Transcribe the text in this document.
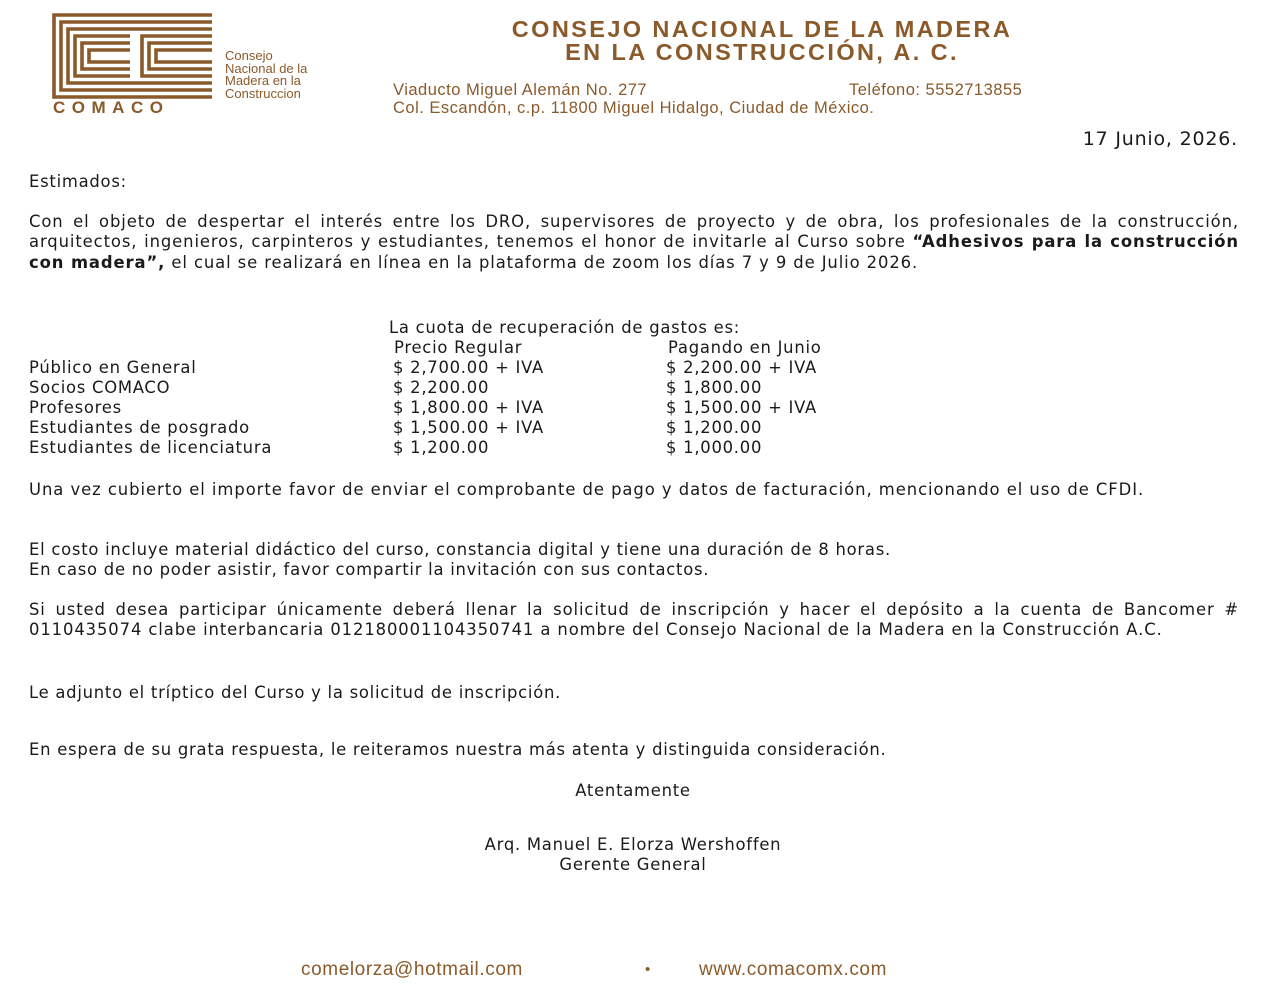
Consejo
Nacional de la
Madera en la
Construccion
COMACO
CONSEJO NACIONAL DE LA MADERA
EN LA CONSTRUCCIÓN, A. C.
Viaducto Miguel Alemán No. 277	Teléfono: 5552713855
Col. Escandón, c.p. 11800 Miguel Hidalgo, Ciudad de México.
17 Junio, 2026.
Estimados:
Con el objeto de despertar el interés entre los DRO, supervisores de proyecto y de obra, los profesionales de la construcción, arquitectos, ingenieros, carpinteros y estudiantes, tenemos el honor de invitarle al Curso sobre “Adhesivos para la construcción con madera”, el cual se realizará en línea en la plataforma de zoom los días 7 y 9 de Julio 2026.
La cuota de recuperación de gastos es:
Precio Regular	Pagando en Junio
Público en General	$ 2,700.00 + IVA	$ 2,200.00 + IVA
Socios COMACO	$ 2,200.00	$ 1,800.00
Profesores	$ 1,800.00 + IVA	$ 1,500.00 + IVA
Estudiantes de posgrado	$ 1,500.00 + IVA	$ 1,200.00
Estudiantes de licenciatura	$ 1,200.00	$ 1,000.00
Una vez cubierto el importe favor de enviar el comprobante de pago y datos de facturación, mencionando el uso de CFDI.
El costo incluye material didáctico del curso, constancia digital y tiene una duración de 8 horas.
En caso de no poder asistir, favor compartir la invitación con sus contactos.
Si usted desea participar únicamente deberá llenar la solicitud de inscripción y hacer el depósito a la cuenta de Bancomer # 0110435074 clabe interbancaria 012180001104350741 a nombre del Consejo Nacional de la Madera en la Construcción A.C.
Le adjunto el tríptico del Curso y la solicitud de inscripción.
En espera de su grata respuesta, le reiteramos nuestra más atenta y distinguida consideración.
Atentamente
Arq. Manuel E. Elorza Wershoffen
Gerente General
comelorza@hotmail.com	•	www.comacomx.com
